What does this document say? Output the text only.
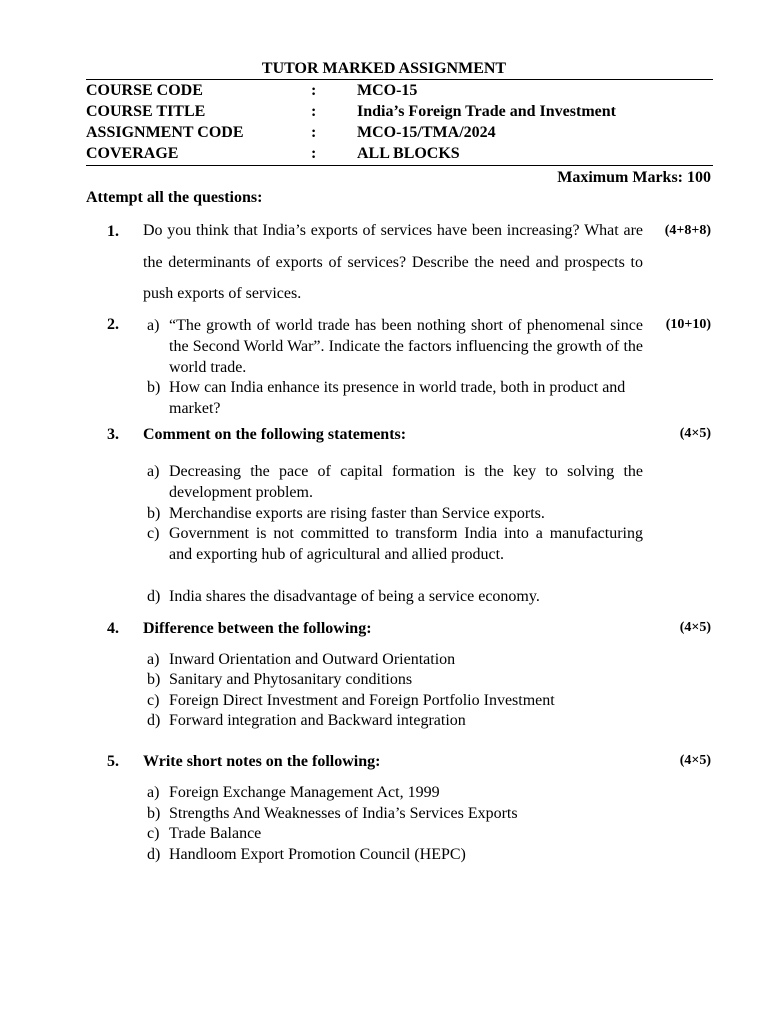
TUTOR MARKED ASSIGNMENT
COURSE CODE	:	MCO-15
COURSE TITLE	:	India’s Foreign Trade and Investment
ASSIGNMENT CODE	:	MCO-15/TMA/2024
COVERAGE	:	ALL BLOCKS
Maximum Marks: 100
Attempt all the questions:
1. Do you think that India’s exports of services have been increasing? What are the determinants of exports of services? Describe the need and prospects to push exports of services.
(4+8+8)
2.	(10+10)
a) “The growth of world trade has been nothing short of phenomenal since the Second World War”. Indicate the factors influencing the growth of the world trade.
b) How can India enhance its presence in world trade, both in product and market?
3. Comment on the following statements:	(4×5)
a) Decreasing the pace of capital formation is the key to solving the development problem.
b) Merchandise exports are rising faster than Service exports.
c) Government is not committed to transform India into a manufacturing and exporting hub of agricultural and allied product.
d) India shares the disadvantage of being a service economy.
4. Difference between the following:	(4×5)
a) Inward Orientation and Outward Orientation
b) Sanitary and Phytosanitary conditions
c) Foreign Direct Investment and Foreign Portfolio Investment
d) Forward integration and Backward integration
5. Write short notes on the following:	(4×5)
a) Foreign Exchange Management Act, 1999
b) Strengths And Weaknesses of India’s Services Exports
c) Trade Balance
d) Handloom Export Promotion Council (HEPC)
